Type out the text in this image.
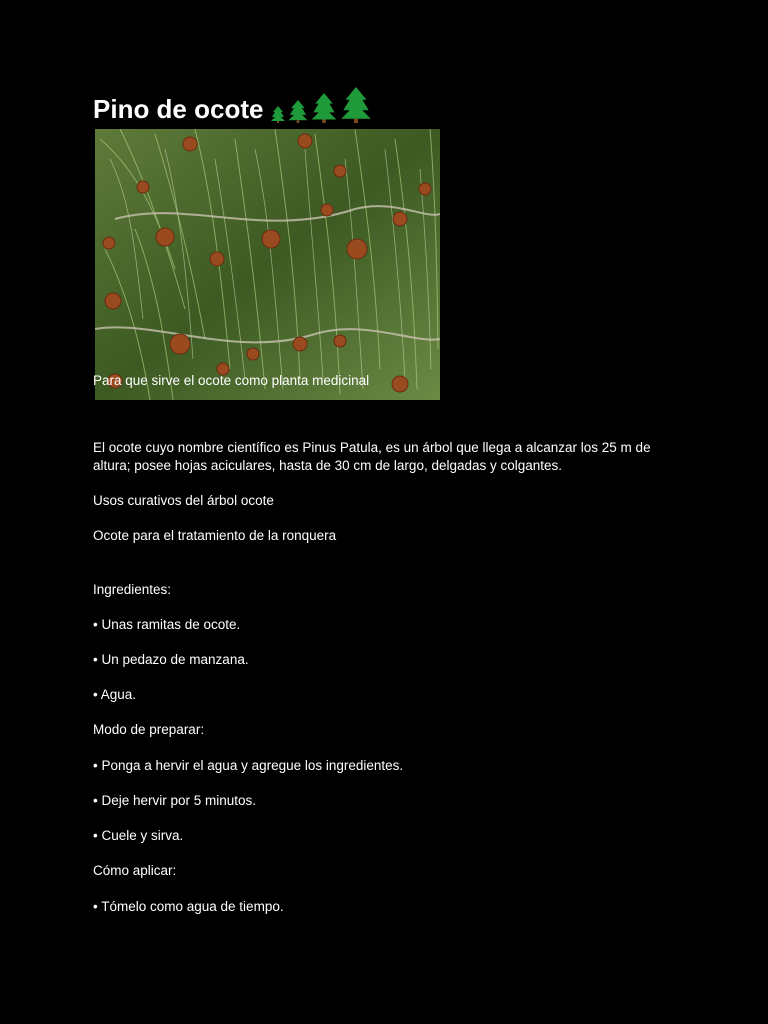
Pino de ocote
Para que sirve el ocote como planta medicinal
El ocote cuyo nombre científico es Pinus Patula, es un árbol que llega a alcanzar los 25 m de altura; posee hojas aciculares, hasta de 30 cm de largo, delgadas y colgantes.
Usos curativos del árbol ocote
Ocote para el tratamiento de la ronquera
Ingredientes:
• Unas ramitas de ocote.
• Un pedazo de manzana.
• Agua.
Modo de preparar:
• Ponga a hervir el agua y agregue los ingredientes.
• Deje hervir por 5 minutos.
• Cuele y sirva.
Cómo aplicar:
• Tómelo como agua de tiempo.
